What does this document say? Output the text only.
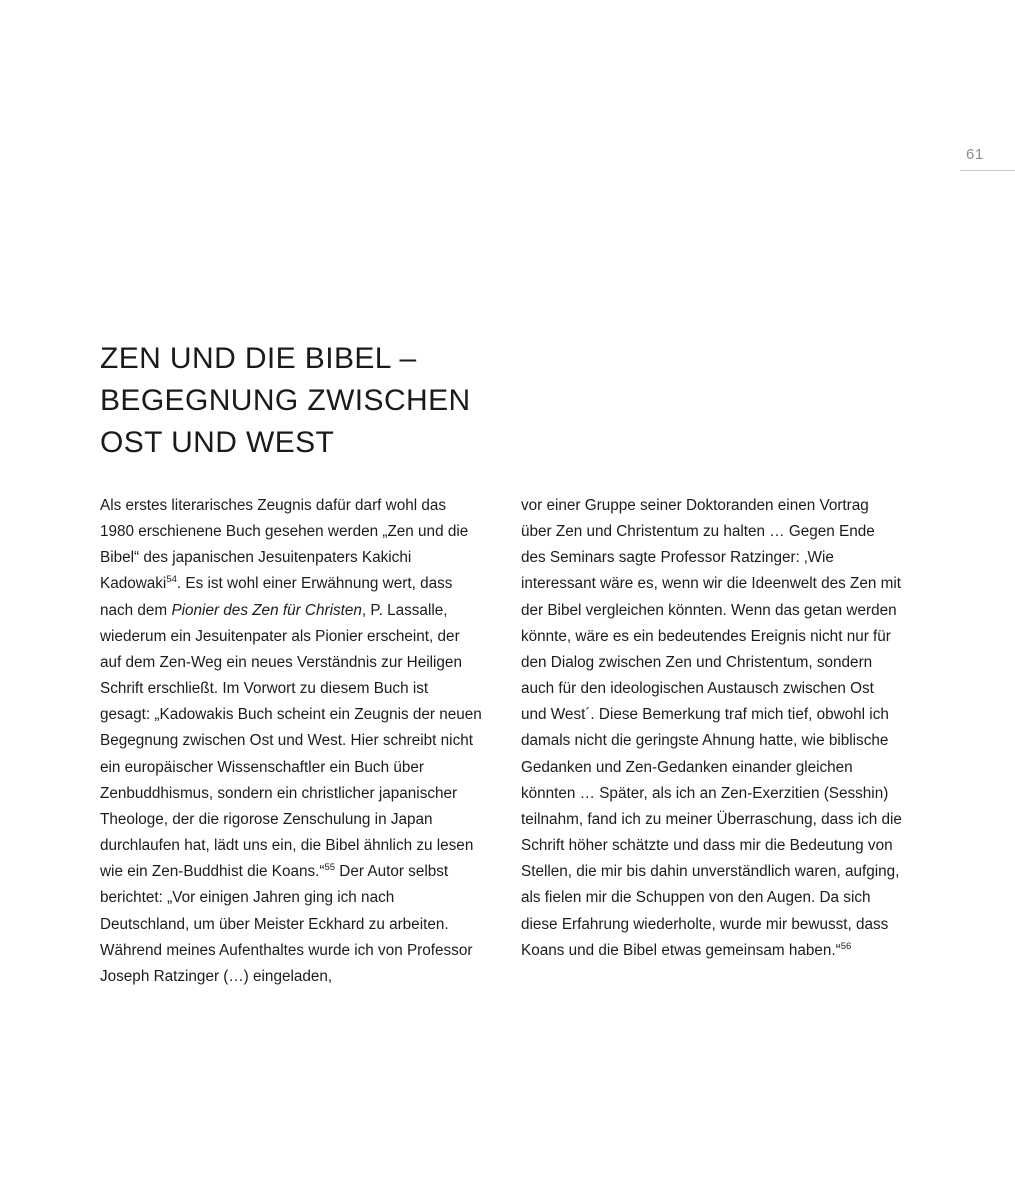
61
ZEN UND DIE BIBEL –
BEGEGNUNG ZWISCHEN
OST UND WEST

Als erstes literarisches Zeugnis dafür darf wohl das 1980 erschienene Buch gesehen werden „Zen und die Bibel“ des japanischen Jesuitenpaters Kakichi Kadowaki$^{54}$. Es ist wohl einer Erwähnung wert, dass nach dem Pionier des Zen für Christen, P. Lassalle, wiederum ein Jesuitenpater als Pionier erscheint, der auf dem Zen-Weg ein neues Verständnis zur Heiligen Schrift erschließt. Im Vorwort zu diesem Buch ist gesagt: „Kadowakis Buch scheint ein Zeugnis der neuen Begegnung zwischen Ost und West. Hier schreibt nicht ein europäischer Wissenschaftler ein Buch über Zenbuddhismus, sondern ein christlicher japanischer Theologe, der die rigorose Zenschulung in Japan durchlaufen hat, lädt uns ein, die Bibel ähnlich zu lesen wie ein Zen-Buddhist die Koans.“$^{55}$ Der Autor selbst berichtet: „Vor einigen Jahren ging ich nach Deutschland, um über Meister Eckhard zu arbeiten. Während meines Aufenthaltes wurde ich von Professor Joseph Ratzinger (…) eingeladen,

vor einer Gruppe seiner Doktoranden einen Vortrag über Zen und Christentum zu halten … Gegen Ende des Seminars sagte Professor Ratzinger: ‚Wie interessant wäre es, wenn wir die Ideenwelt des Zen mit der Bibel vergleichen könnten. Wenn das getan werden könnte, wäre es ein bedeutendes Ereignis nicht nur für den Dialog zwischen Zen und Christentum, sondern auch für den ideologischen Austausch zwischen Ost und West´. Diese Bemerkung traf mich tief, obwohl ich damals nicht die geringste Ahnung hatte, wie biblische Gedanken und Zen-Gedanken einander gleichen könnten … Später, als ich an Zen-Exerzitien (Sesshin) teilnahm, fand ich zu meiner Überraschung, dass ich die Schrift höher schätzte und dass mir die Bedeutung von Stellen, die mir bis dahin unverständlich waren, aufging, als fielen mir die Schuppen von den Augen. Da sich diese Erfahrung wiederholte, wurde mir bewusst, dass Koans und die Bibel etwas gemeinsam haben.“$^{56}$
